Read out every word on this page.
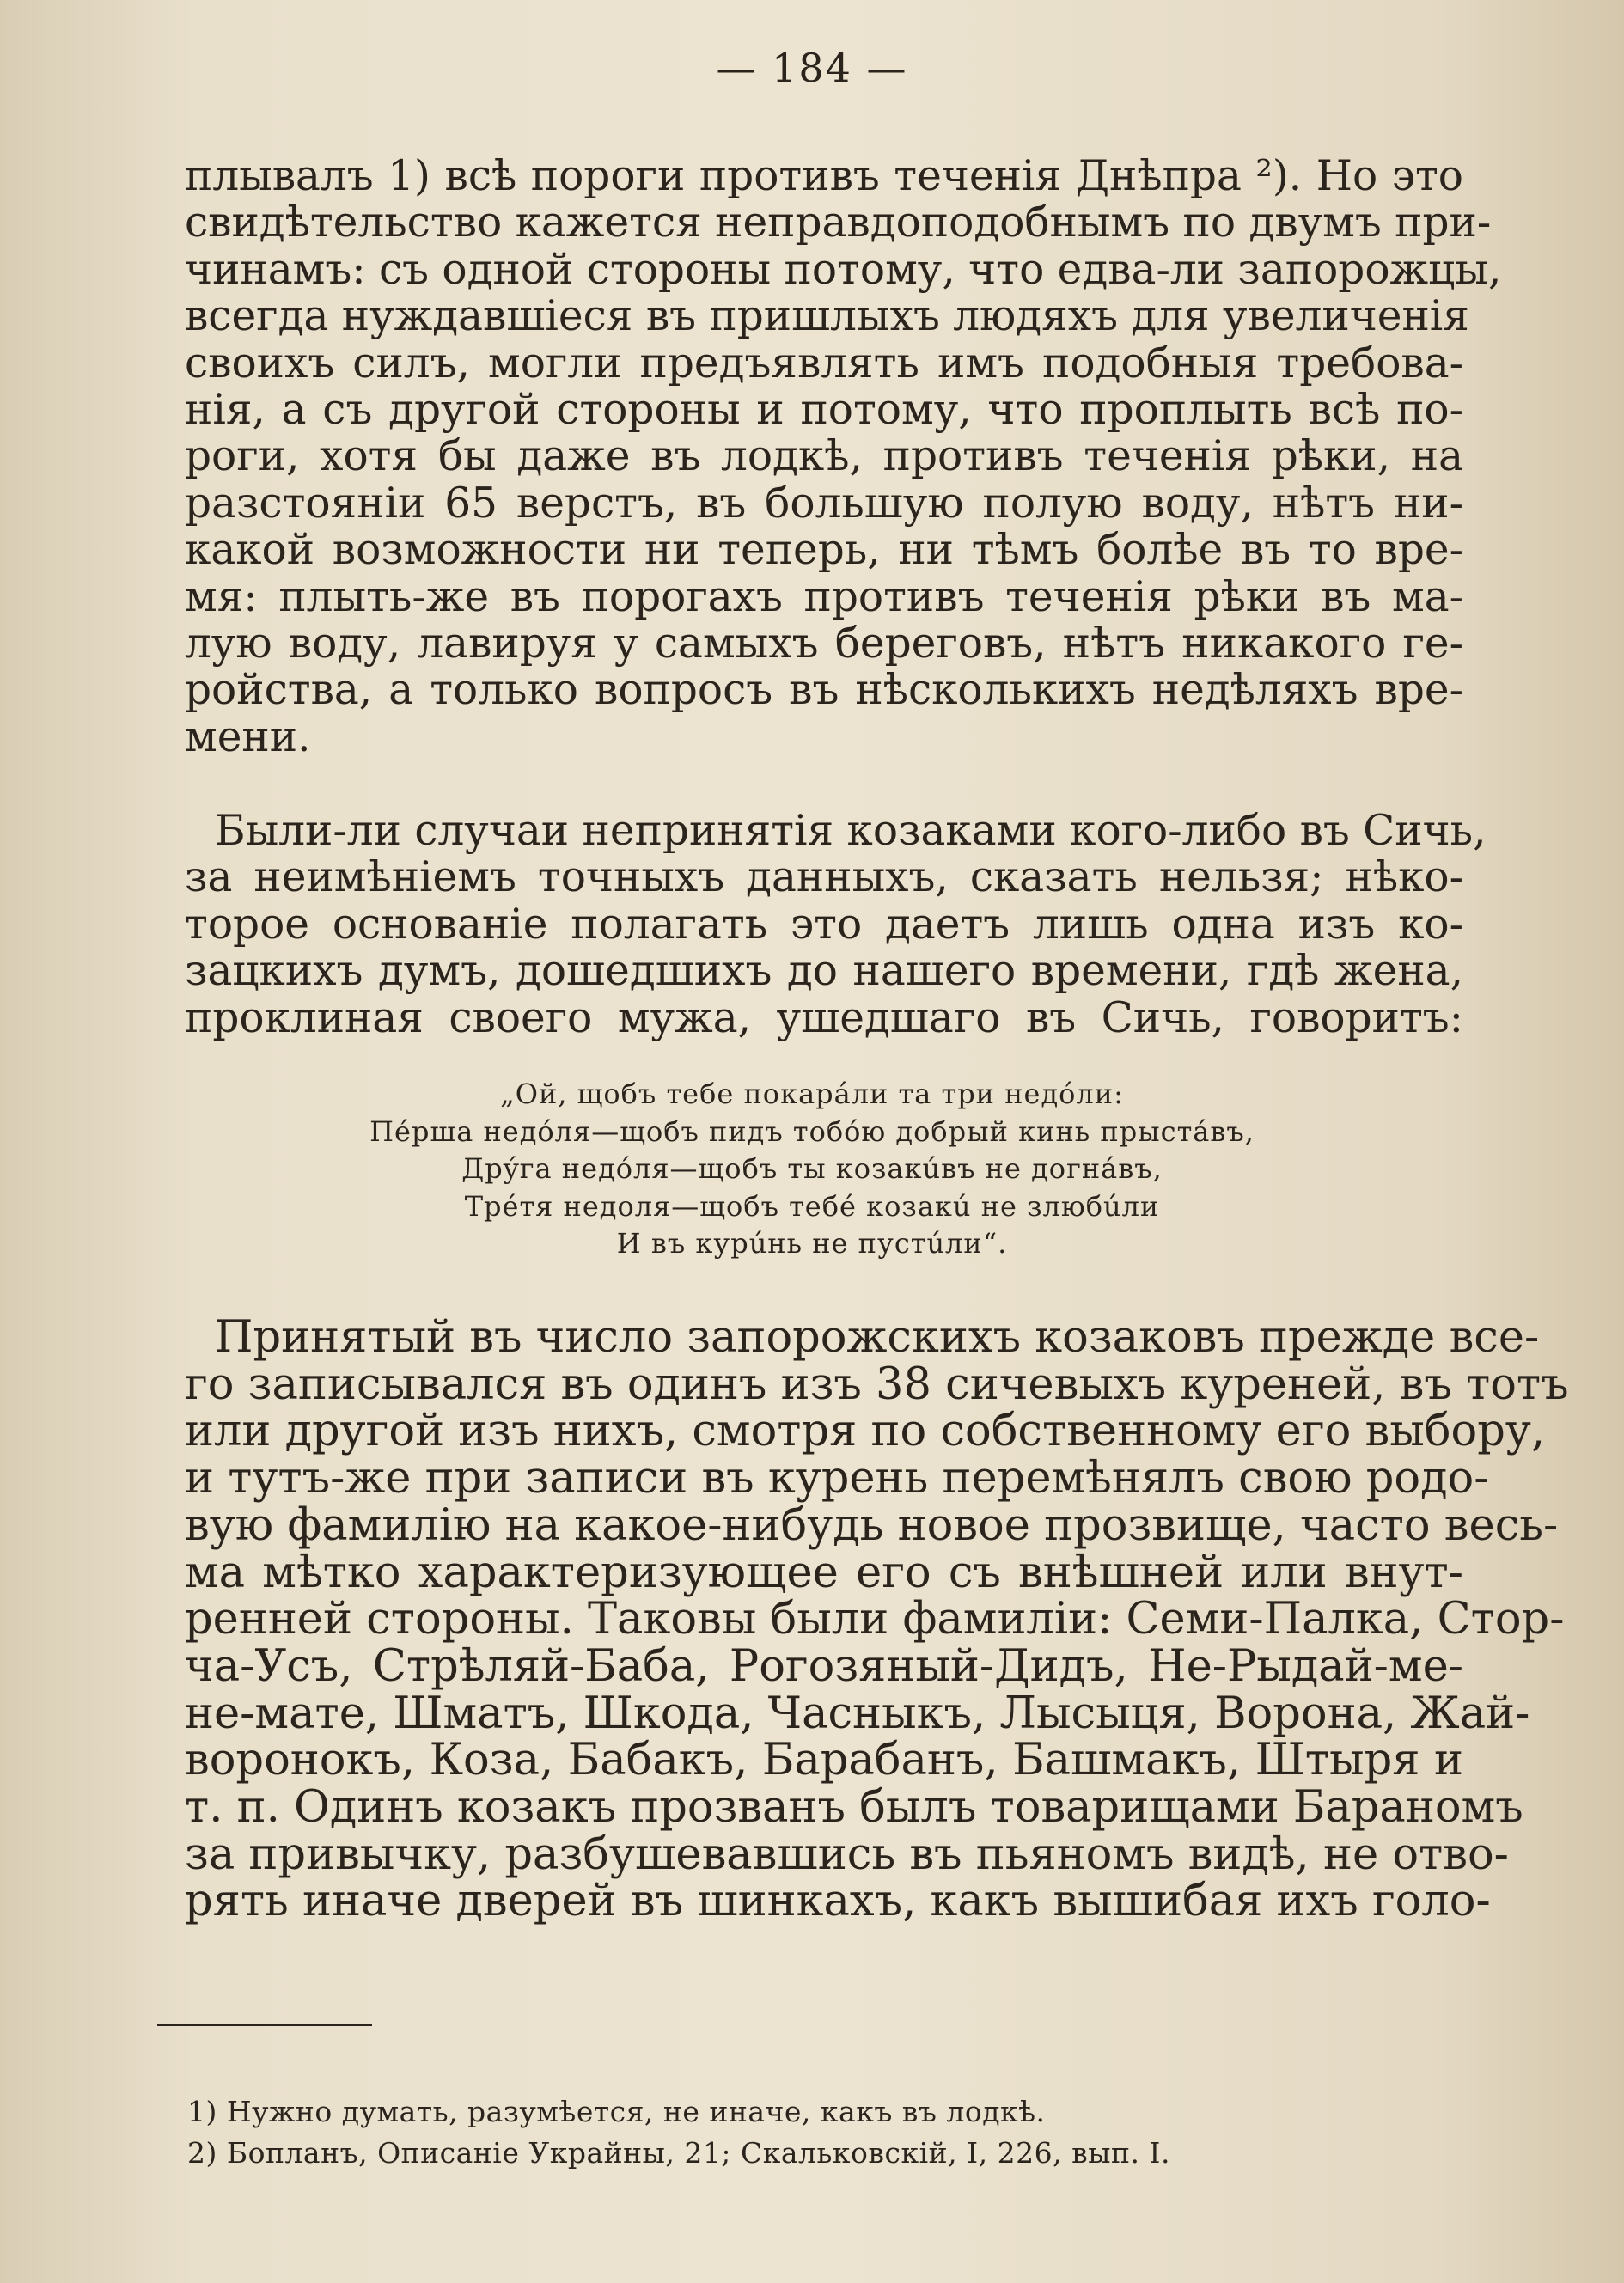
— 184 —
плывалъ 1) всѣ пороги противъ теченія Днѣпра ²). Но это
свидѣтельство кажется неправдоподобнымъ по двумъ при-
чинамъ: съ одной стороны потому, что едва-ли запорожцы,
всегда нуждавшіеся въ пришлыхъ людяхъ для увеличенія
своихъ силъ, могли предъявлять имъ подобныя требова-
нія, а съ другой стороны и потому, что проплыть всѣ по-
роги, хотя бы даже въ лодкѣ, противъ теченія рѣки, на
разстояніи 65 верстъ, въ большую полую воду, нѣтъ ни-
какой возможности ни теперь, ни тѣмъ болѣе въ то вре-
мя: плыть-же въ порогахъ противъ теченія рѣки въ ма-
лую воду, лавируя у самыхъ береговъ, нѣтъ никакого ге-
ройства, а только вопросъ въ нѣсколькихъ недѣляхъ вре-
мени.
Были-ли случаи непринятія козаками кого-либо въ Сичь,
за неимѣніемъ точныхъ данныхъ, сказать нельзя; нѣко-
торое основаніе полагать это даетъ лишь одна изъ ко-
зацкихъ думъ, дошедшихъ до нашего времени, гдѣ жена,
проклиная своего мужа, ушедшаго въ Сичь, говоритъ:
„Ой, щобъ тебе покарáли та три недóли:
Пéрша недóля—щобъ пидъ тобóю добрый кинь прыстáвъ,
Дрýга недóля—щобъ ты козакúвъ не догнáвъ,
Трéтя недоля—щобъ тебé козакú не злюбúли
И въ курúнь не пустúли“.
Принятый въ число запорожскихъ козаковъ прежде все-
го записывался въ одинъ изъ 38 сичевыхъ куреней, въ тотъ
или другой изъ нихъ, смотря по собственному его выбору,
и тутъ-же при записи въ курень перемѣнялъ свою родо-
вую фамилію на какое-нибудь новое прозвище, часто весь-
ма мѣтко характеризующее его съ внѣшней или внут-
ренней стороны. Таковы были фамиліи: Семи-Палка, Стор-
ча-Усъ, Стрѣляй-Баба, Рогозяный-Дидъ, Не-Рыдай-ме-
не-мате, Шматъ, Шкода, Часныкъ, Лысыця, Ворона, Жай-
воронокъ, Коза, Бабакъ, Барабанъ, Башмакъ, Штыря и
т. п. Одинъ козакъ прозванъ былъ товарищами Бараномъ
за привычку, разбушевавшись въ пьяномъ видѣ, не отво-
рять иначе дверей въ шинкахъ, какъ вышибая ихъ голо-
1) Нужно думать, разумѣется, не иначе, какъ въ лодкѣ.
2) Бопланъ, Описаніе Украйны, 21; Скальковскій, I, 226, вып. I.
